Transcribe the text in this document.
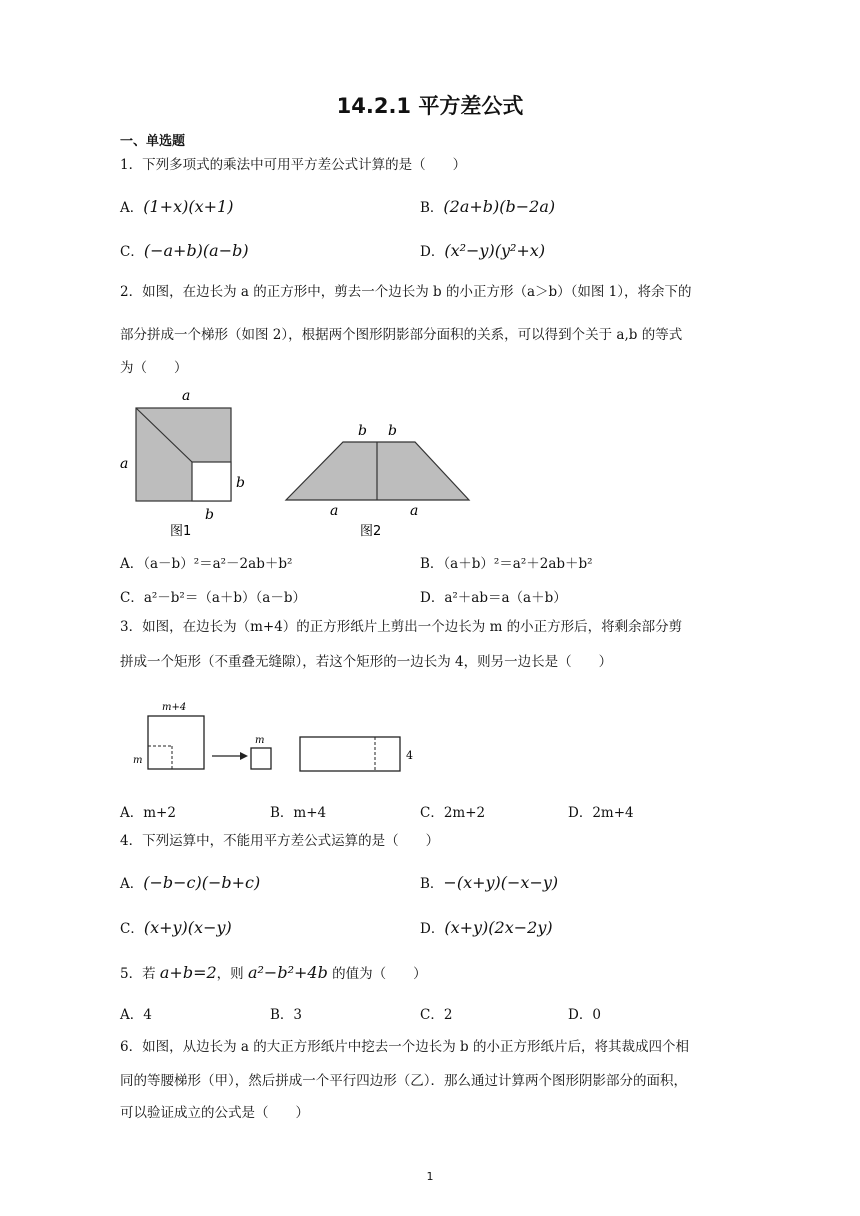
14.2.1 平方差公式
一、单选题
1．下列多项式的乘法中可用平方差公式计算的是（　　）
A．(1+x)(x+1)	B．(2a+b)(b−2a)
C．(−a+b)(a−b)	D．(x²−y)(y²+x)
2．如图，在边长为 a 的正方形中，剪去一个边长为 b 的小正方形（a＞b）（如图 1），将余下的
部分拼成一个梯形（如图 2），根据两个图形阴影部分面积的关系，可以得到个关于 a,b 的等式
为（　　）
a
a
b
b
图1
b b
a	a
图2
A．（a－b）²＝a²－2ab＋b²	B．（a＋b）²＝a²＋2ab＋b²
C．a²－b²＝（a＋b）（a－b）	D．a²＋ab＝a（a＋b）
3．如图，在边长为（m+4）的正方形纸片上剪出一个边长为 m 的小正方形后，将剩余部分剪
拼成一个矩形（不重叠无缝隙），若这个矩形的一边长为 4，则另一边长是（　　）
m+4
m
m
4
A．m+2	B．m+4	C．2m+2	D．2m+4
4．下列运算中，不能用平方差公式运算的是（　　）
A．(−b−c)(−b+c)	B．−(x+y)(−x−y)
C．(x+y)(x−y)	D．(x+y)(2x−2y)
5．若 a+b=2，则 a²−b²+4b 的值为（　　）
A．4	B．3	C．2	D．0
6．如图，从边长为 a 的大正方形纸片中挖去一个边长为 b 的小正方形纸片后，将其裁成四个相
同的等腰梯形（甲），然后拼成一个平行四边形（乙）．那么通过计算两个图形阴影部分的面积，
可以验证成立的公式是（　　）
1
